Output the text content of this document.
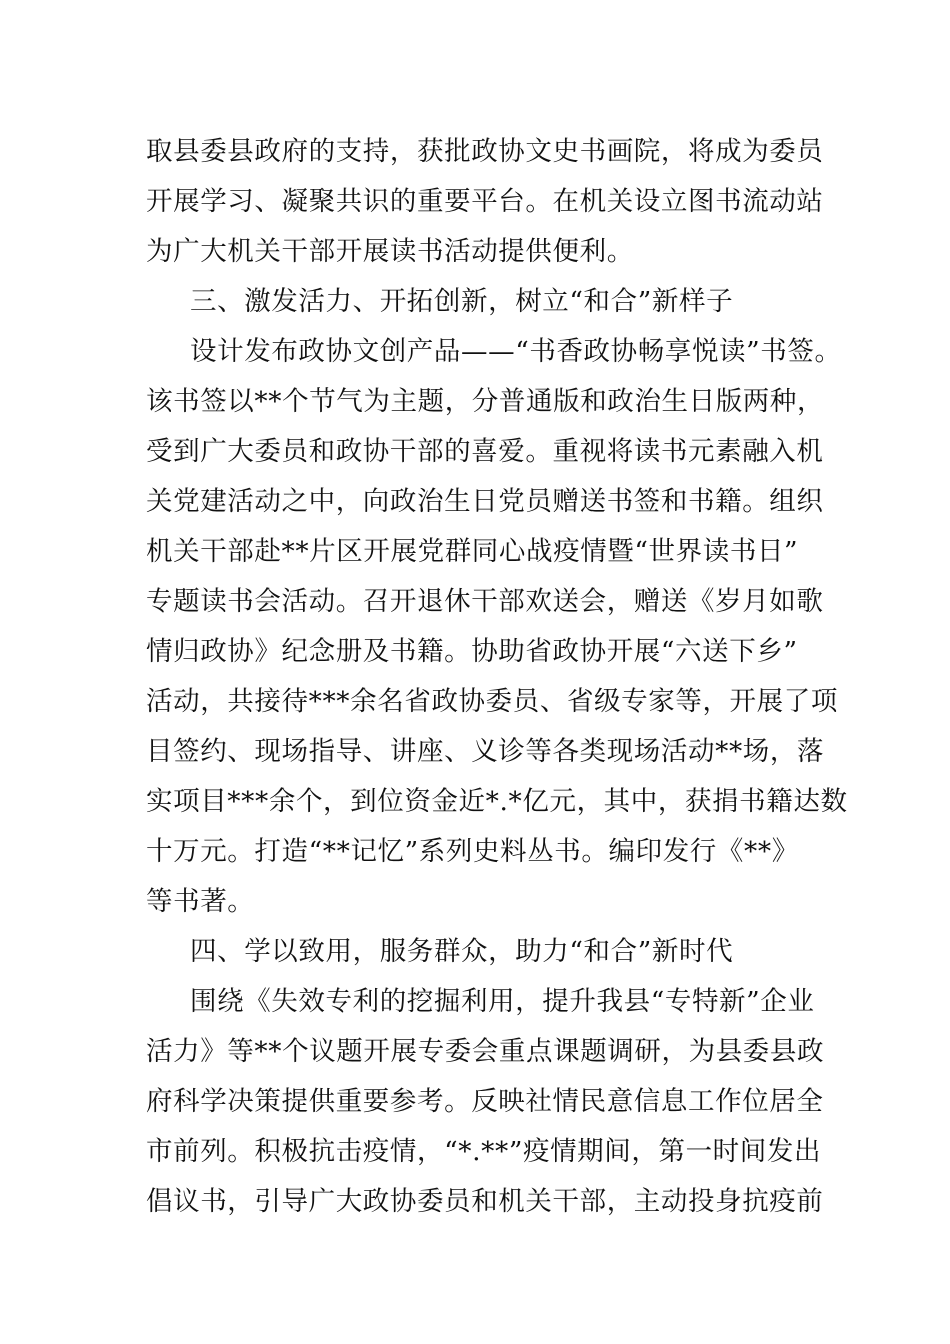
取县委县政府的支持，获批政协文史书画院，将成为委员
开展学习、凝聚共识的重要平台。在机关设立图书流动站
为广大机关干部开展读书活动提供便利。
三、激发活力、开拓创新，树立“和合”新样子
设计发布政协文创产品——“书香政协畅享悦读”书签。
该书签以**个节气为主题，分普通版和政治生日版两种，
受到广大委员和政协干部的喜爱。重视将读书元素融入机
关党建活动之中，向政治生日党员赠送书签和书籍。组织
机关干部赴**片区开展党群同心战疫情暨“世界读书日”
专题读书会活动。召开退休干部欢送会，赠送《岁月如歌
情归政协》纪念册及书籍。协助省政协开展“六送下乡”
活动，共接待***余名省政协委员、省级专家等，开展了项
目签约、现场指导、讲座、义诊等各类现场活动**场，落
实项目***余个，到位资金近*.*亿元，其中，获捐书籍达数
十万元。打造“**记忆”系列史料丛书。编印发行《**》
等书著。
四、学以致用，服务群众，助力“和合”新时代
围绕《失效专利的挖掘利用，提升我县“专特新”企业
活力》等**个议题开展专委会重点课题调研，为县委县政
府科学决策提供重要参考。反映社情民意信息工作位居全
市前列。积极抗击疫情，“*.**”疫情期间，第一时间发出
倡议书，引导广大政协委员和机关干部，主动投身抗疫前
